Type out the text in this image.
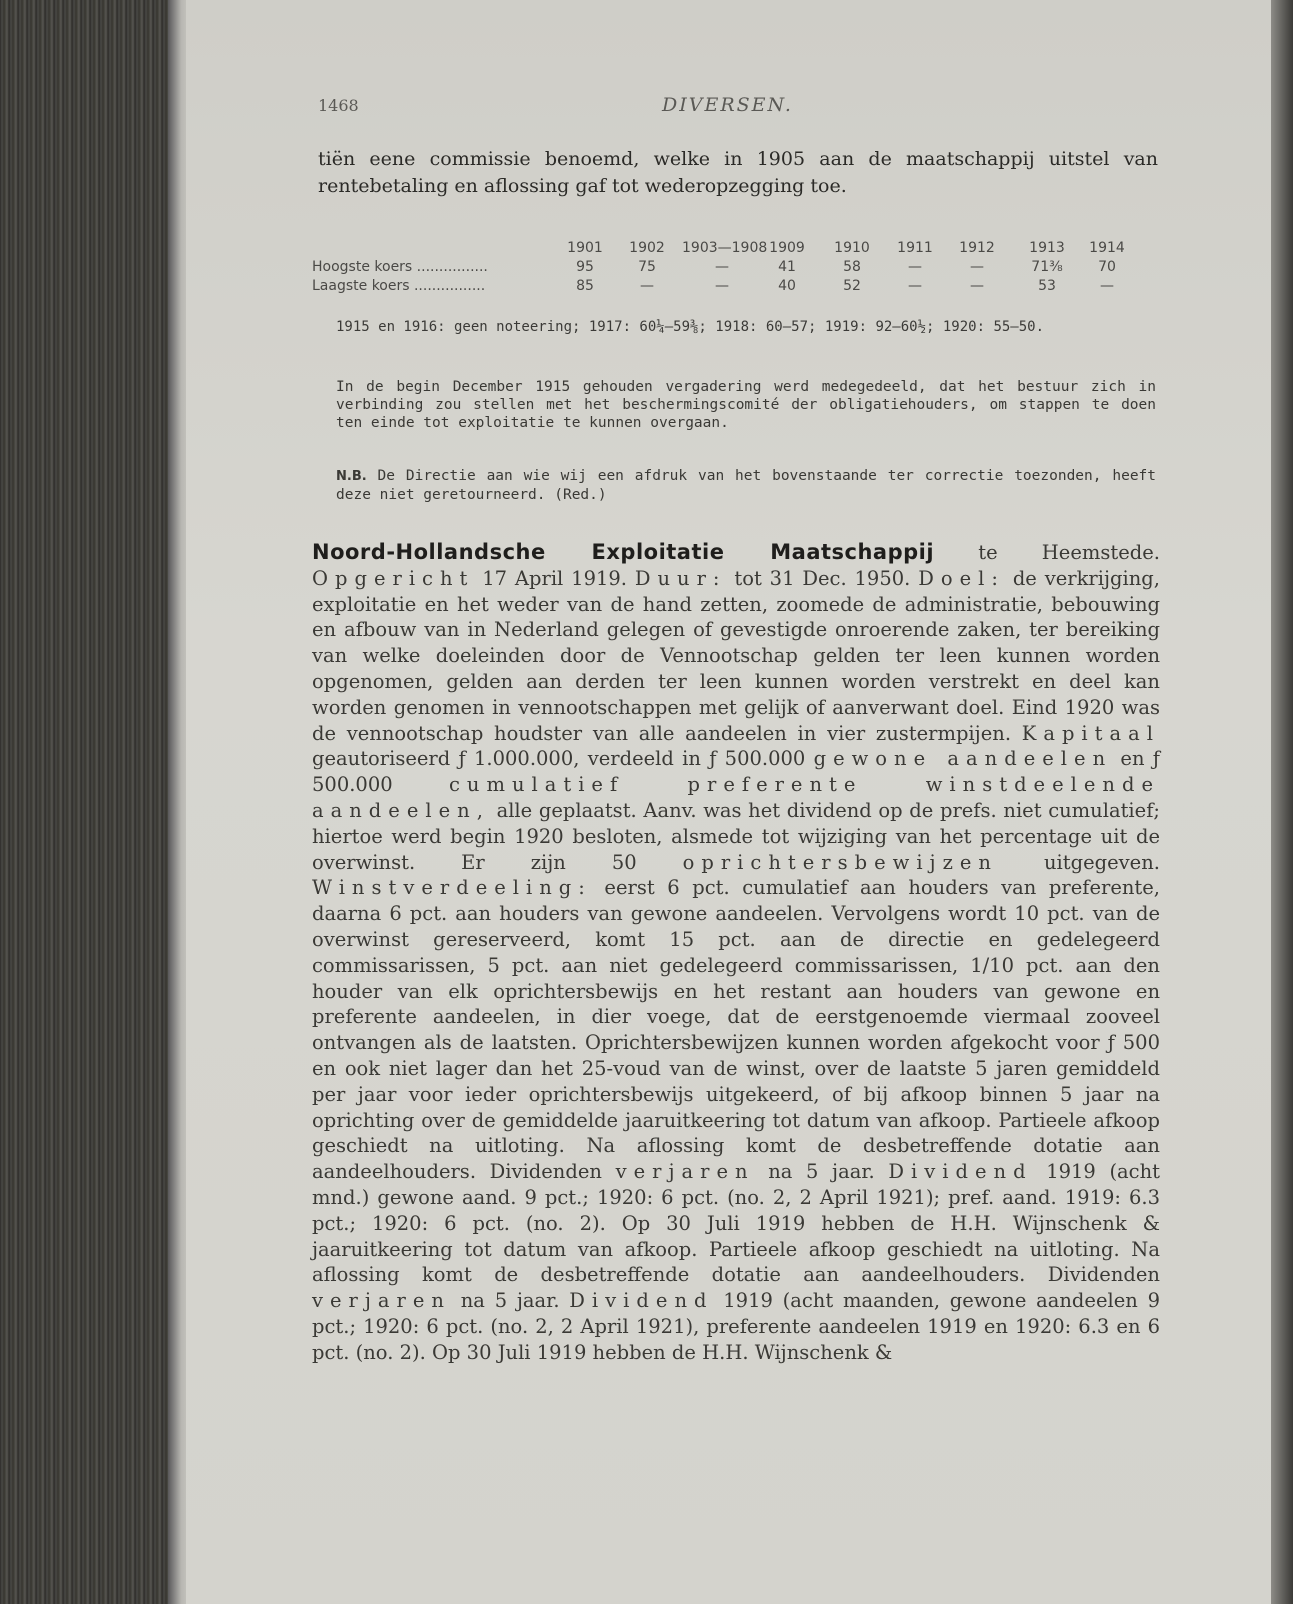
1468	DIVERSEN.

tiën eene commissie benoemd, welke in 1905 aan de maatschappij uitstel van rentebetaling en aflossing gaf tot wederopzegging toe.

1901	1902	1903—1908 1909	1910	1911	1912	1913	1914
Hoogste koers ................	95	75	—	41	58	—	—	71⅜	70
Laagste koers ................	85	—	—	40	52	—	—	53	—

1915 en 1916: geen noteering; 1917: 60¼—59⅜; 1918: 60—57; 1919: 92—60½; 1920: 55—50.

In de begin December 1915 gehouden vergadering werd medegedeeld, dat het bestuur zich in verbinding zou stellen met het beschermingscomité der obligatiehouders, om stappen te doen ten einde tot exploitatie te kunnen overgaan.

N.B. De Directie aan wie wij een afdruk van het bovenstaande ter correctie toezonden, heeft deze niet geretourneerd. (Red.)

Noord-Hollandsche Exploitatie Maatschappij te Heemstede. Opgericht 17 April 1919. Duur: tot 31 Dec. 1950. Doel: de verkrijging, exploitatie en het weder van de hand zetten, zoomede de administratie, bebouwing en afbouw van in Nederland gelegen of gevestigde onroerende zaken, ter bereiking van welke doeleinden door de Vennootschap gelden ter leen kunnen worden opgenomen, gelden aan derden ter leen kunnen worden verstrekt en deel kan worden genomen in vennootschappen met gelijk of aanverwant doel. Eind 1920 was de vennootschap houdster van alle aandeelen in vier zustermpijen. Kapitaal geautoriseerd ƒ 1.000.000, verdeeld in ƒ 500.000 gewone aandeelen en ƒ 500.000 cumulatief preferente winstdeelende aandeelen, alle geplaatst. Aanv. was het dividend op de prefs. niet cumulatief; hiertoe werd begin 1920 besloten, alsmede tot wijziging van het percentage uit de overwinst. Er zijn 50 oprichtersbewijzen uitgegeven. Winstverdeeling: eerst 6 pct. cumulatief aan houders van preferente, daarna 6 pct. aan houders van gewone aandeelen. Vervolgens wordt 10 pct. van de overwinst gereserveerd, komt 15 pct. aan de directie en gedelegeerd commissarissen, 5 pct. aan niet gedelegeerd commissarissen, 1/10 pct. aan den houder van elk oprichtersbewijs en het restant aan houders van gewone en preferente aandeelen, in dier voege, dat de eerstgenoemde viermaal zooveel ontvangen als de laatsten. Oprichtersbewijzen kunnen worden afgekocht voor ƒ 500 en ook niet lager dan het 25-voud van de winst, over de laatste 5 jaren gemiddeld per jaar voor ieder oprichtersbewijs uitgekeerd, of bij afkoop binnen 5 jaar na oprichting over de gemiddelde jaaruitkeering tot datum van afkoop. Partieele afkoop geschiedt na uitloting. Na aflossing komt de desbetreffende dotatie aan aandeelhouders. Dividenden verjaren na 5 jaar. Dividend 1919 (acht mnd.) gewone aand. 9 pct.; 1920: 6 pct. (no. 2, 2 April 1921); pref. aand. 1919: 6.3 pct.; 1920: 6 pct. (no. 2). Op 30 Juli 1919 hebben de H.H. Wijnschenk & jaaruitkeering tot datum van afkoop. Partieele afkoop geschiedt na uitloting. Na aflossing komt de desbetreffende dotatie aan aandeelhouders. Dividenden verjaren na 5 jaar. Dividend 1919 (acht maanden, gewone aandeelen 9 pct.; 1920: 6 pct. (no. 2, 2 April 1921), preferente aandeelen 1919 en 1920: 6.3 en 6 pct. (no. 2). Op 30 Juli 1919 hebben de H.H. Wijnschenk &
